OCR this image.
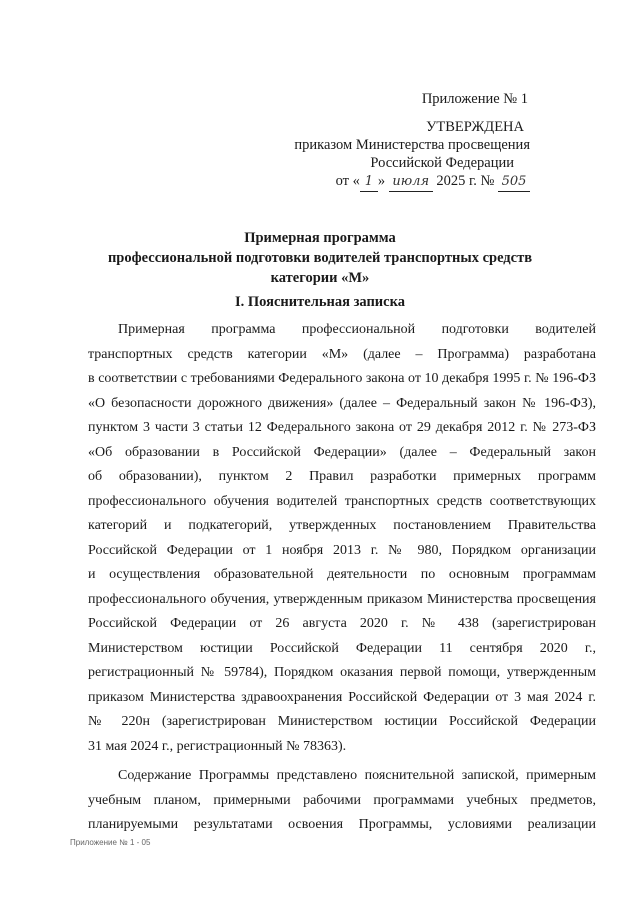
Приложение № 1
УТВЕРЖДЕНА
приказом Министерства просвещения
Российской Федерации
от « 1 » июля 2025 г. № 505
Примерная программа
профессиональной подготовки водителей транспортных средств
категории «М»
I. Пояснительная записка
Примерная программа профессиональной подготовки водителей
транспортных средств категории «М» (далее – Программа) разработана
в соответствии с требованиями Федерального закона от 10 декабря 1995 г. № 196-ФЗ
«О безопасности дорожного движения» (далее – Федеральный закон № 196-ФЗ),
пунктом 3 части 3 статьи 12 Федерального закона от 29 декабря 2012 г. № 273-ФЗ
«Об образовании в Российской Федерации» (далее – Федеральный закон
об образовании), пунктом 2 Правил разработки примерных программ
профессионального обучения водителей транспортных средств соответствующих
категорий и подкатегорий, утвержденных постановлением Правительства
Российской Федерации от 1 ноября 2013 г. № 980, Порядком организации
и осуществления образовательной деятельности по основным программам
профессионального обучения, утвержденным приказом Министерства просвещения
Российской Федерации от 26 августа 2020 г. № 438 (зарегистрирован
Министерством юстиции Российской Федерации 11 сентября 2020 г.,
регистрационный № 59784), Порядком оказания первой помощи, утвержденным
приказом Министерства здравоохранения Российской Федерации от 3 мая 2024 г.
№ 220н (зарегистрирован Министерством юстиции Российской Федерации
31 мая 2024 г., регистрационный № 78363).
Содержание Программы представлено пояснительной запиской, примерным
учебным планом, примерными рабочими программами учебных предметов,
планируемыми результатами освоения Программы, условиями реализации
Приложение № 1 - 05
